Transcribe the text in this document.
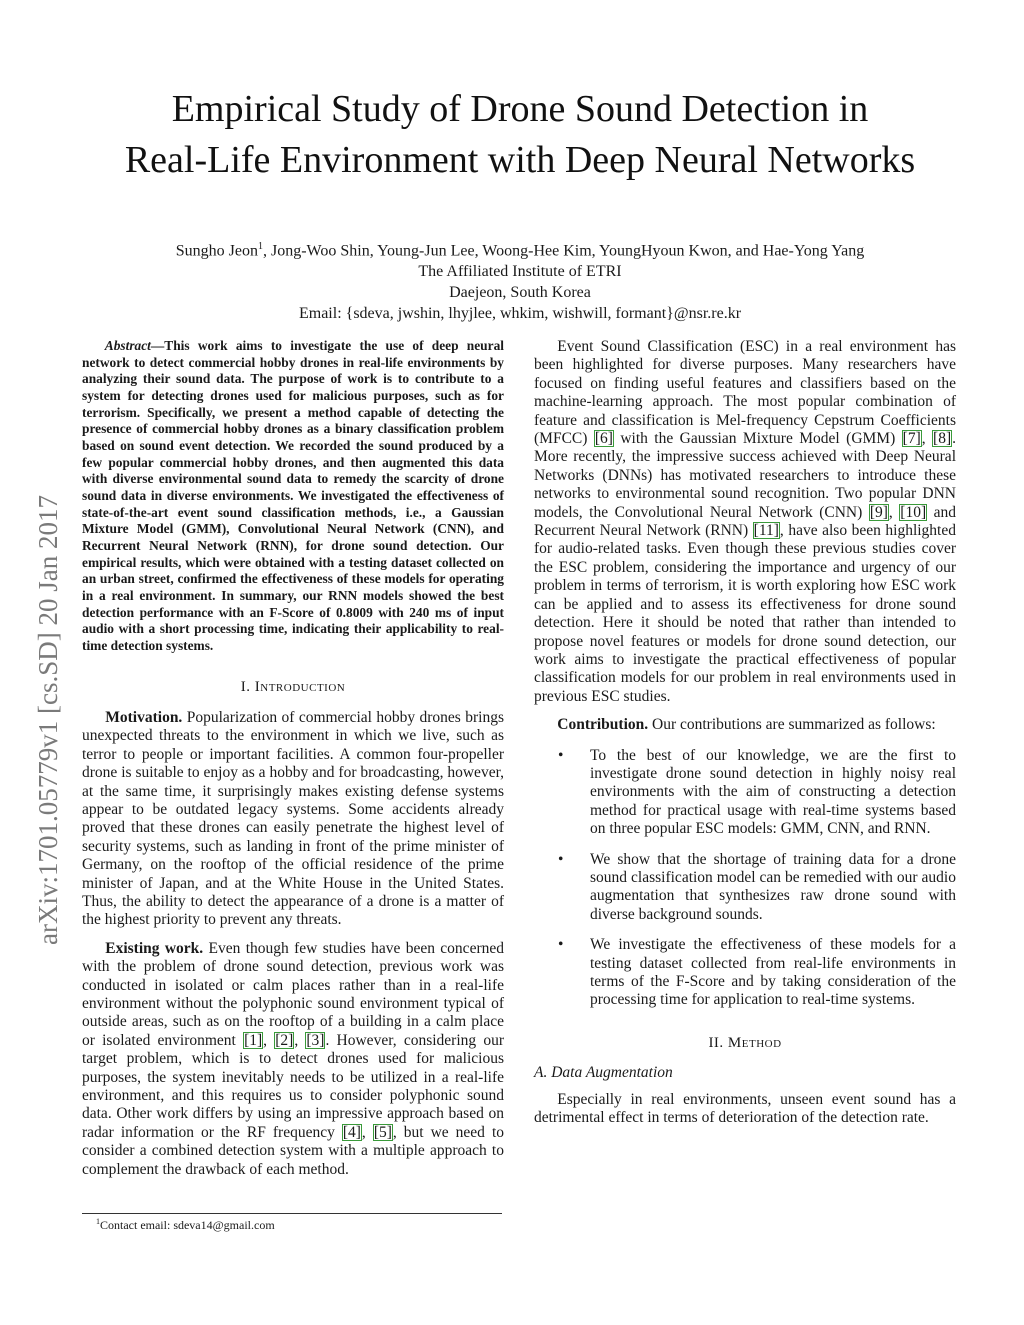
arXiv:1701.05779v1 [cs.SD] 20 Jan 2017
Empirical Study of Drone Sound Detection in
Real-Life Environment with Deep Neural Networks
Sungho Jeon$^1$, Jong-Woo Shin, Young-Jun Lee, Woong-Hee Kim, YoungHyoun Kwon, and Hae-Yong Yang
The Affiliated Institute of ETRI
Daejeon, South Korea
Email: {sdeva, jwshin, lhyjlee, whkim, wishwill, formant}@nsr.re.kr

Abstract—This work aims to investigate the use of deep neural network to detect commercial hobby drones in real-life environments by analyzing their sound data. The purpose of work is to contribute to a system for detecting drones used for malicious purposes, such as for terrorism. Specifically, we present a method capable of detecting the presence of commercial hobby drones as a binary classification problem based on sound event detection. We recorded the sound produced by a few popular commercial hobby drones, and then augmented this data with diverse environmental sound data to remedy the scarcity of drone sound data in diverse environments. We investigated the effectiveness of state-of-the-art event sound classification methods, i.e., a Gaussian Mixture Model (GMM), Convolutional Neural Network (CNN), and Recurrent Neural Network (RNN), for drone sound detection. Our empirical results, which were obtained with a testing dataset collected on an urban street, confirmed the effectiveness of these models for operating in a real environment. In summary, our RNN models showed the best detection performance with an F-Score of 0.8009 with 240 ms of input audio with a short processing time, indicating their applicability to real-time detection systems.

I. Introduction

Motivation. Popularization of commercial hobby drones brings unexpected threats to the environment in which we live, such as terror to people or important facilities. A common four-propeller drone is suitable to enjoy as a hobby and for broadcasting, however, at the same time, it surprisingly makes existing defense systems appear to be outdated legacy systems. Some accidents already proved that these drones can easily penetrate the highest level of security systems, such as landing in front of the prime minister of Germany, on the rooftop of the official residence of the prime minister of Japan, and at the White House in the United States. Thus, the ability to detect the appearance of a drone is a matter of the highest priority to prevent any threats.

Existing work. Even though few studies have been concerned with the problem of drone sound detection, previous work was conducted in isolated or calm places rather than in a real-life environment without the polyphonic sound environment typical of outside areas, such as on the rooftop of a building in a calm place or isolated environment [1], [2], [3]. However, considering our target problem, which is to detect drones used for malicious purposes, the system inevitably needs to be utilized in a real-life environment, and this requires us to consider polyphonic sound data. Other work differs by using an impressive approach based on radar information or the RF frequency [4], [5], but we need to consider a combined detection system with a multiple approach to complement the drawback of each method.

Event Sound Classification (ESC) in a real environment has been highlighted for diverse purposes. Many researchers have focused on finding useful features and classifiers based on the machine-learning approach. The most popular combination of feature and classification is Mel-frequency Cepstrum Coefficients (MFCC) [6] with the Gaussian Mixture Model (GMM) [7], [8]. More recently, the impressive success achieved with Deep Neural Networks (DNNs) has motivated researchers to introduce these networks to environmental sound recognition. Two popular DNN models, the Convolutional Neural Network (CNN) [9], [10] and Recurrent Neural Network (RNN) [11], have also been highlighted for audio-related tasks. Even though these previous studies cover the ESC problem, considering the importance and urgency of our problem in terms of terrorism, it is worth exploring how ESC work can be applied and to assess its effectiveness for drone sound detection. Here it should be noted that rather than intended to propose novel features or models for drone sound detection, our work aims to investigate the practical effectiveness of popular classification models for our problem in real environments used in previous ESC studies.

Contribution. Our contributions are summarized as follows:

• To the best of our knowledge, we are the first to investigate drone sound detection in highly noisy real environments with the aim of constructing a detection method for practical usage with real-time systems based on three popular ESC models: GMM, CNN, and RNN.
• We show that the shortage of training data for a drone sound classification model can be remedied with our audio augmentation that synthesizes raw drone sound with diverse background sounds.
• We investigate the effectiveness of these models for a testing dataset collected from real-life environments in terms of the F-Score and by taking consideration of the processing time for application to real-time systems.
II. Method
A. Data Augmentation

Especially in real environments, unseen event sound has a detrimental effect in terms of deterioration of the detection rate.

$^1$Contact email: sdeva14@gmail.com
